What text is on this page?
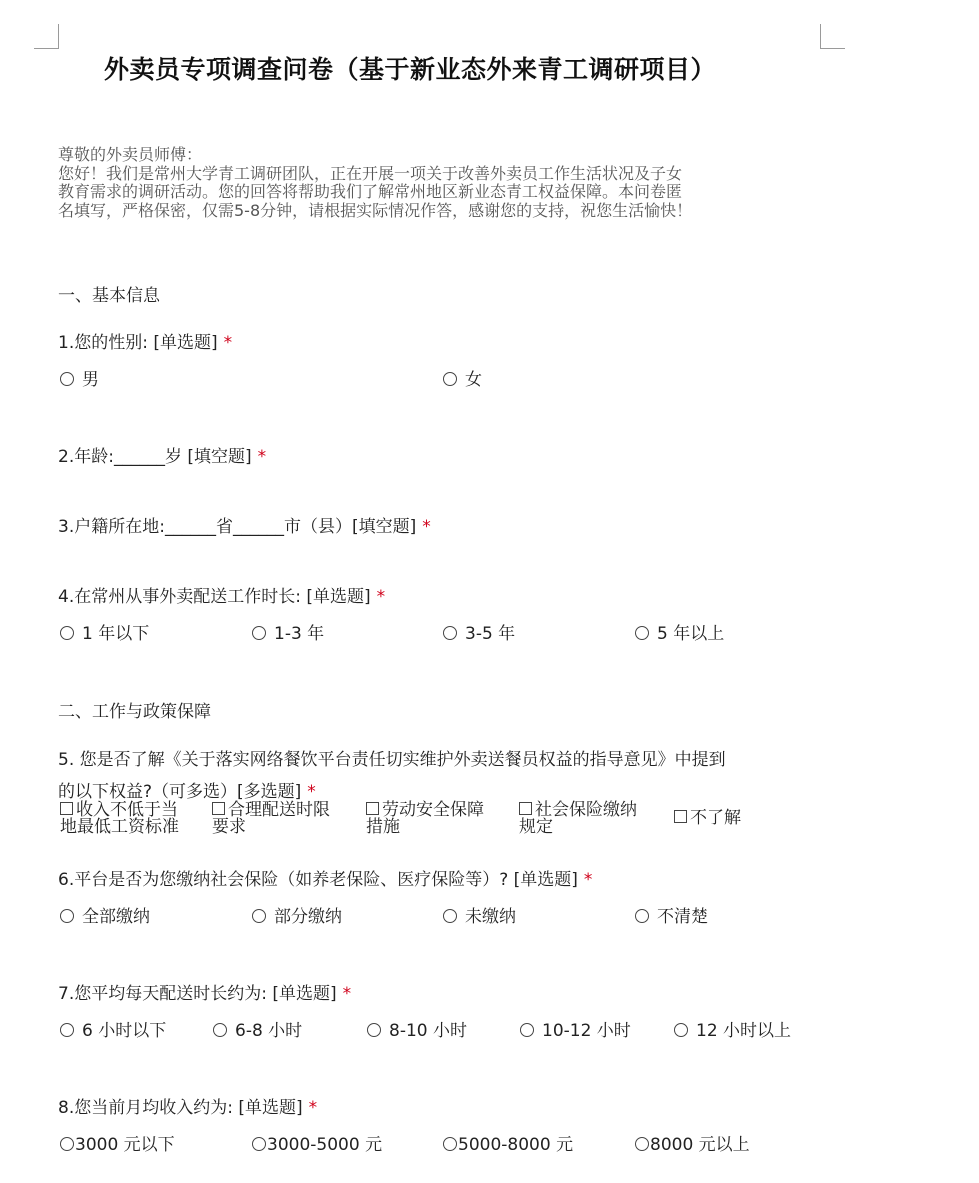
外卖员专项调查问卷（基于新业态外来青工调研项目）
尊敬的外卖员师傅：
您好！我们是常州大学青工调研团队，正在开展一项关于改善外卖员工作生活状况及子女
教育需求的调研活动。您的回答将帮助我们了解常州地区新业态青工权益保障。本问卷匿
名填写，严格保密，仅需5-8分钟，请根据实际情况作答，感谢您的支持，祝您生活愉快！
一、基本信息
1.您的性别: [单选题] *
男	女
2.年龄:______岁 [填空题] *
3.户籍所在地:______省______市（县）[填空题] *
4.在常州从事外卖配送工作时长: [单选题] *
1 年以下	1-3 年	3-5 年	5 年以上
二、工作与政策保障
5. 您是否了解《关于落实网络餐饮平台责任切实维护外卖送餐员权益的指导意见》中提到
的以下权益?（可多选）[多选题] *
收入不低于当
地最低工资标准
合理配送时限
要求
劳动安全保障
措施
社会保险缴纳
规定	不了解
6.平台是否为您缴纳社会保险（如养老保险、医疗保险等）? [单选题] *
全部缴纳	部分缴纳	未缴纳	不清楚
7.您平均每天配送时长约为: [单选题] *
6 小时以下	6-8 小时	8-10 小时	10-12 小时	12 小时以上
8.您当前月均收入约为: [单选题] *
3000 元以下	3000-5000 元	5000-8000 元	8000 元以上
